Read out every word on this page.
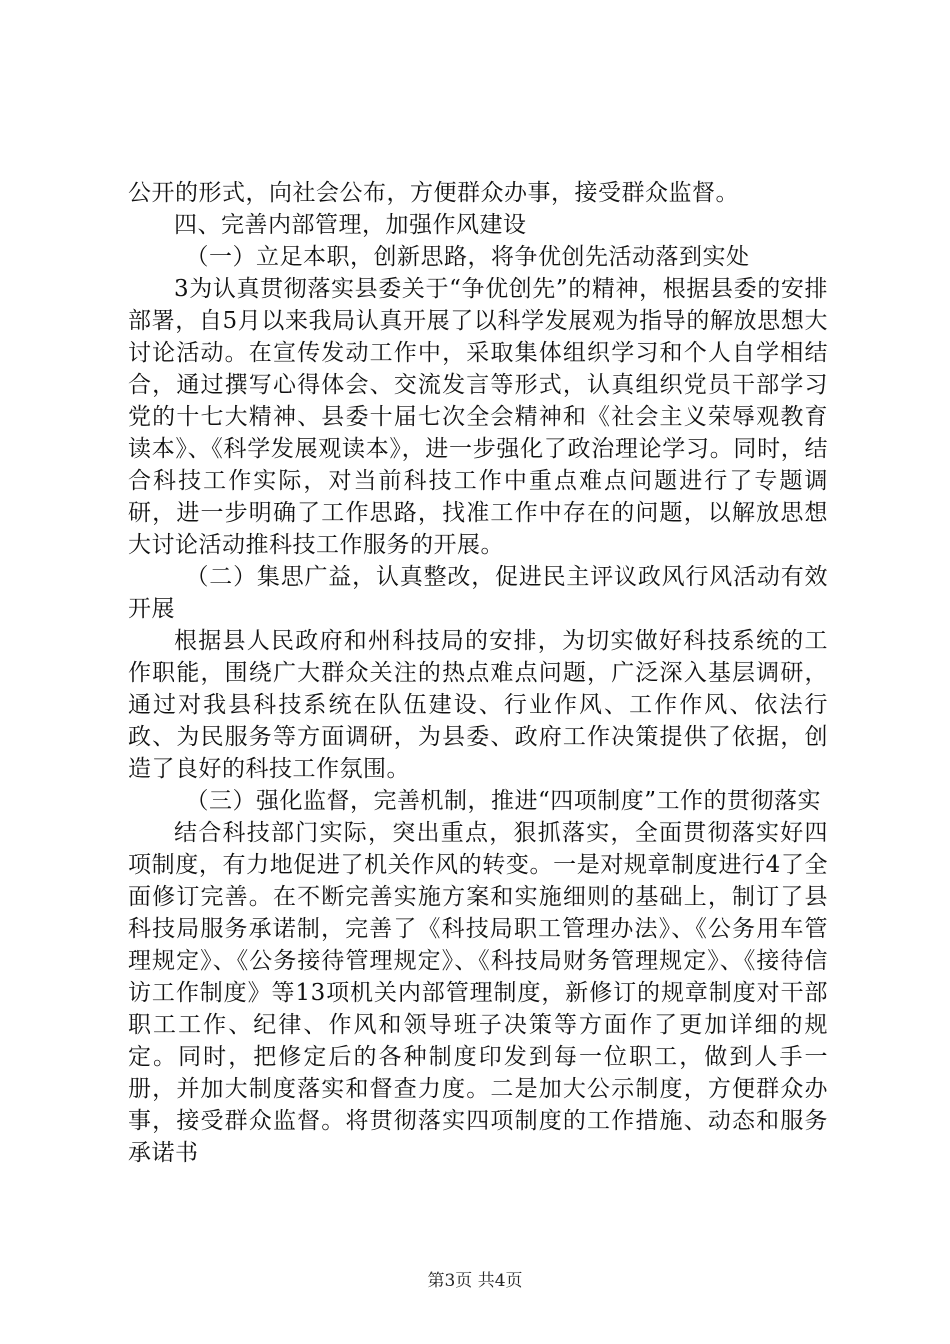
公开的形式，向社会公布，方便群众办事，接受群众监督。

四、完善内部管理，加强作风建设

（一）立足本职，创新思路，将争优创先活动落到实处

3为认真贯彻落实县委关于“争优创先”的精神，根据县委的安排部署，自5月以来我局认真开展了以科学发展观为指导的解放思想大讨论活动。在宣传发动工作中，采取集体组织学习和个人自学相结合，通过撰写心得体会、交流发言等形式，认真组织党员干部学习党的十七大精神、县委十届七次全会精神和《社会主义荣辱观教育读本》、《科学发展观读本》，进一步强化了政治理论学习。同时，结合科技工作实际，对当前科技工作中重点难点问题进行了专题调研，进一步明确了工作思路，找准工作中存在的问题，以解放思想大讨论活动推科技工作服务的开展。

（二）集思广益，认真整改，促进民主评议政风行风活动有效开展

根据县人民政府和州科技局的安排，为切实做好科技系统的工作职能，围绕广大群众关注的热点难点问题，广泛深入基层调研，通过对我县科技系统在队伍建设、行业作风、工作作风、依法行政、为民服务等方面调研，为县委、政府工作决策提供了依据，创造了良好的科技工作氛围。

（三）强化监督，完善机制，推进“四项制度”工作的贯彻落实

结合科技部门实际，突出重点，狠抓落实，全面贯彻落实好四项制度，有力地促进了机关作风的转变。一是对规章制度进行4了全面修订完善。在不断完善实施方案和实施细则的基础上，制订了县科技局服务承诺制，完善了《科技局职工管理办法》、《公务用车管理规定》、《公务接待管理规定》、《科技局财务管理规定》、《接待信访工作制度》等13项机关内部管理制度，新修订的规章制度对干部职工工作、纪律、作风和领导班子决策等方面作了更加详细的规定。同时，把修定后的各种制度印发到每一位职工，做到人手一册，并加大制度落实和督查力度。二是加大公示制度，方便群众办事，接受群众监督。将贯彻落实四项制度的工作措施、动态和服务承诺书

第3页 共4页
